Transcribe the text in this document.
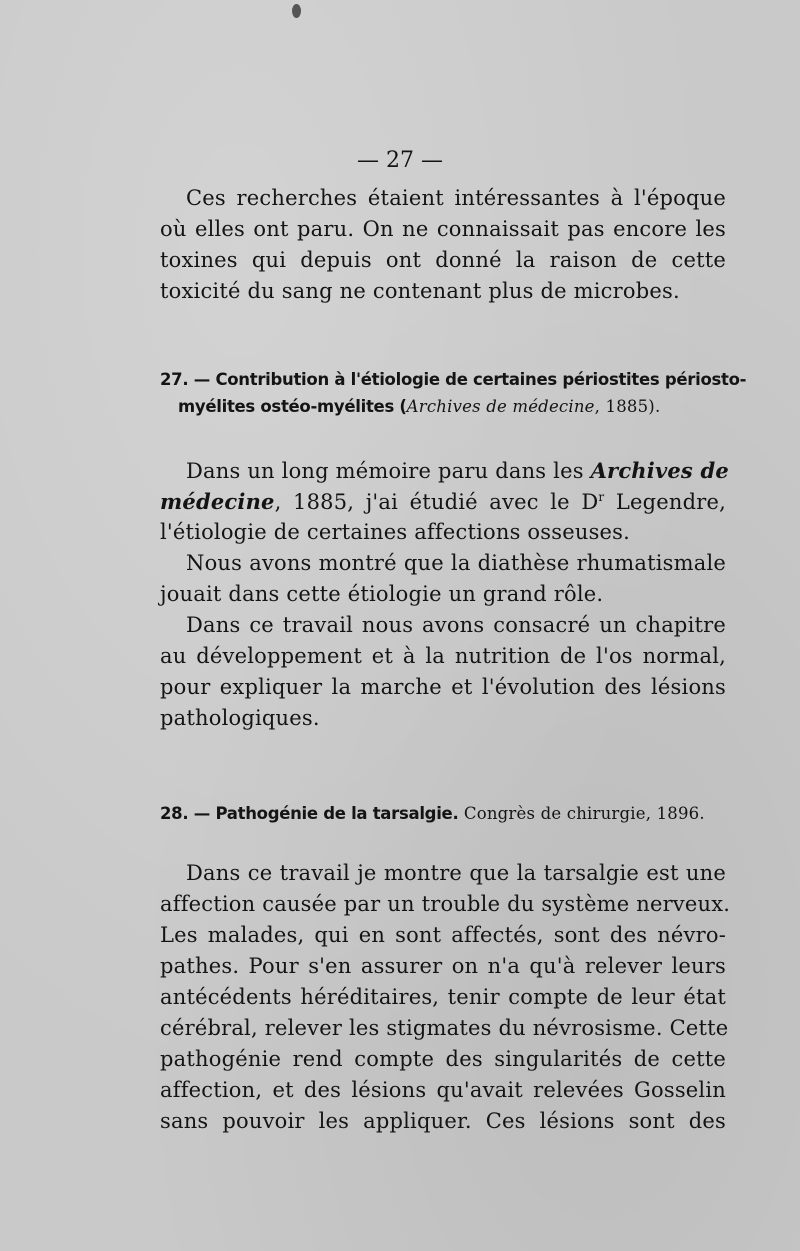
— 27 —
Ces recherches étaient intéressantes à l'époque
où elles ont paru. On ne connaissait pas encore les
toxines qui depuis ont donné la raison de cette
toxicité du sang ne contenant plus de microbes.
27. — Contribution à l'étiologie de certaines périostites périosto-
myélites ostéo-myélites (Archives de médecine, 1885).
Dans un long mémoire paru dans les Archives de
médecine, 1885, j'ai étudié avec le $D^r$ Legendre,
l'étiologie de certaines affections osseuses.
Nous avons montré que la diathèse rhumatismale
jouait dans cette étiologie un grand rôle.
Dans ce travail nous avons consacré un chapitre
au développement et à la nutrition de l'os normal,
pour expliquer la marche et l'évolution des lésions
pathologiques.
28. — Pathogénie de la tarsalgie. Congrès de chirurgie, 1896.
Dans ce travail je montre que la tarsalgie est une
affection causée par un trouble du système nerveux.
Les malades, qui en sont affectés, sont des névro-
pathes. Pour s'en assurer on n'a qu'à relever leurs
antécédents héréditaires, tenir compte de leur état
cérébral, relever les stigmates du névrosisme. Cette
pathogénie rend compte des singularités de cette
affection, et des lésions qu'avait relevées Gosselin
sans pouvoir les appliquer. Ces lésions sont des
